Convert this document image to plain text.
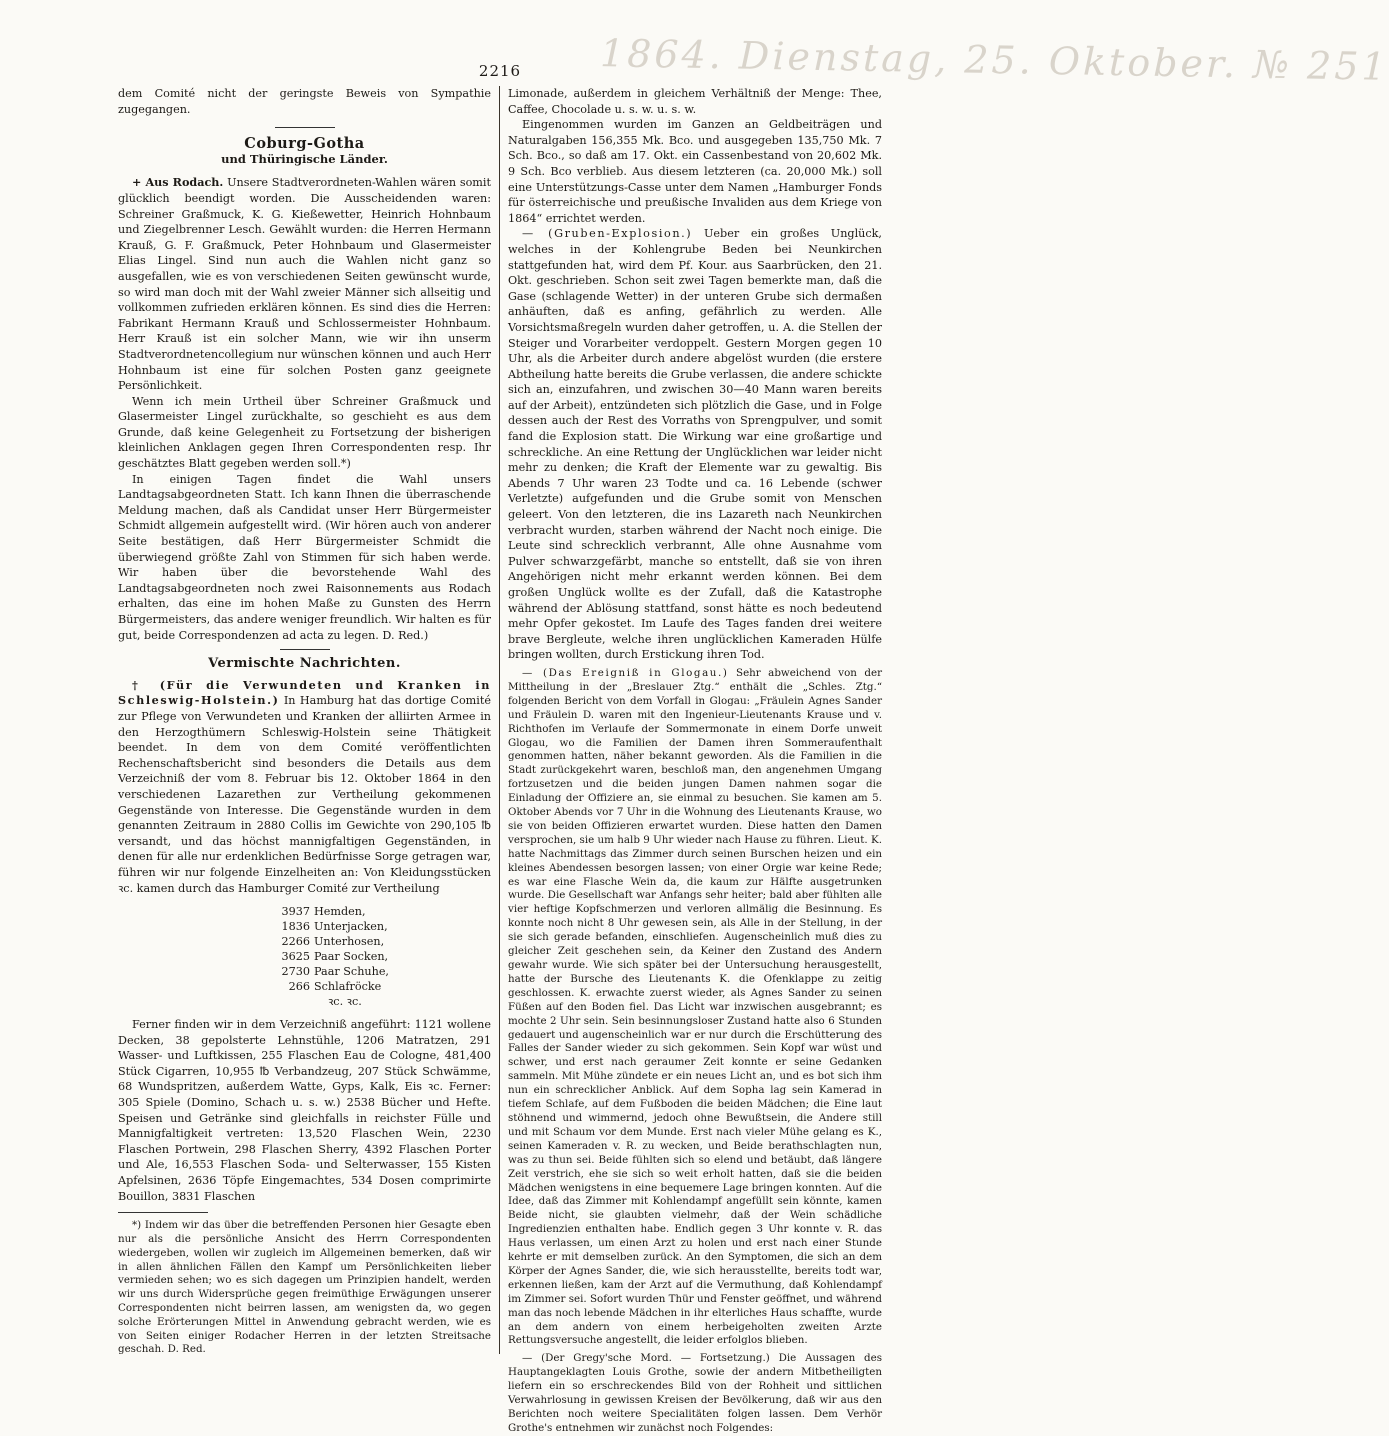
1864. Dienstag, 25. Oktober. № 251
2216

dem Comité nicht der geringste Beweis von Sympathie zugegangen.

Coburg-Gotha
und Thüringische Länder.

+ Aus Rodach. Unsere Stadtverordneten-Wahlen wären somit glücklich beendigt worden. Die Ausscheidenden waren: Schreiner Graßmuck, K. G. Kießewetter, Heinrich Hohnbaum und Ziegelbrenner Lesch. Gewählt wurden: die Herren Hermann Krauß, G. F. Graßmuck, Peter Hohnbaum und Glasermeister Elias Lingel. Sind nun auch die Wahlen nicht ganz so ausgefallen, wie es von verschiedenen Seiten gewünscht wurde, so wird man doch mit der Wahl zweier Männer sich allseitig und vollkommen zufrieden erklären können. Es sind dies die Herren: Fabrikant Hermann Krauß und Schlossermeister Hohnbaum. Herr Krauß ist ein solcher Mann, wie wir ihn unserm Stadtverordnetencollegium nur wünschen können und auch Herr Hohnbaum ist eine für solchen Posten ganz geeignete Persönlichkeit.

Wenn ich mein Urtheil über Schreiner Graßmuck und Glasermeister Lingel zurückhalte, so geschieht es aus dem Grunde, daß keine Gelegenheit zu Fortsetzung der bisherigen kleinlichen Anklagen gegen Ihren Correspondenten resp. Ihr geschätztes Blatt gegeben werden soll.*)

In einigen Tagen findet die Wahl unsers Landtagsabgeordneten Statt. Ich kann Ihnen die überraschende Meldung machen, daß als Candidat unser Herr Bürgermeister Schmidt allgemein aufgestellt wird. (Wir hören auch von anderer Seite bestätigen, daß Herr Bürgermeister Schmidt die überwiegend größte Zahl von Stimmen für sich haben werde. Wir haben über die bevorstehende Wahl des Landtagsabgeordneten noch zwei Raisonnements aus Rodach erhalten, das eine im hohen Maße zu Gunsten des Herrn Bürgermeisters, das andere weniger freundlich. Wir halten es für gut, beide Correspondenzen ad acta zu legen. D. Red.)

Vermischte Nachrichten.

† (Für die Verwundeten und Kranken in Schleswig-Holstein.) In Hamburg hat das dortige Comité zur Pflege von Verwundeten und Kranken der alliirten Armee in den Herzogthümern Schleswig-Holstein seine Thätigkeit beendet. In dem von dem Comité veröffentlichten Rechenschaftsbericht sind besonders die Details aus dem Verzeichniß der vom 8. Februar bis 12. Oktober 1864 in den verschiedenen Lazarethen zur Vertheilung gekommenen Gegenstände von Interesse. Die Gegenstände wurden in dem genannten Zeitraum in 2880 Collis im Gewichte von 290,105 ℔ versandt, und das höchst mannigfaltigen Gegenständen, in denen für alle nur erdenklichen Bedürfnisse Sorge getragen war, führen wir nur folgende Einzelheiten an: Von Kleidungsstücken ꝛc. kamen durch das Hamburger Comité zur Vertheilung

3937 Hemden,
1836 Unterjacken,
2266 Unterhosen,
3625 Paar Socken,
2730 Paar Schuhe,
266 Schlafröcke
ꝛc. ꝛc.

Ferner finden wir in dem Verzeichniß angeführt: 1121 wollene Decken, 38 gepolsterte Lehnstühle, 1206 Matratzen, 291 Wasser- und Luftkissen, 255 Flaschen Eau de Cologne, 481,400 Stück Cigarren, 10,955 ℔ Verbandzeug, 207 Stück Schwämme, 68 Wundspritzen, außerdem Watte, Gyps, Kalk, Eis ꝛc. Ferner: 305 Spiele (Domino, Schach u. s. w.) 2538 Bücher und Hefte. Speisen und Getränke sind gleichfalls in reichster Fülle und Mannigfaltigkeit vertreten: 13,520 Flaschen Wein, 2230 Flaschen Portwein, 298 Flaschen Sherry, 4392 Flaschen Porter und Ale, 16,553 Flaschen Soda- und Selterwasser, 155 Kisten Apfelsinen, 2636 Töpfe Eingemachtes, 534 Dosen comprimirte Bouillon, 3831 Flaschen

*) Indem wir das über die betreffenden Personen hier Gesagte eben nur als die persönliche Ansicht des Herrn Correspondenten wiedergeben, wollen wir zugleich im Allgemeinen bemerken, daß wir in allen ähnlichen Fällen den Kampf um Persönlichkeiten lieber vermieden sehen; wo es sich dagegen um Prinzipien handelt, werden wir uns durch Widersprüche gegen freimüthige Erwägungen unserer Correspondenten nicht beirren lassen, am wenigsten da, wo gegen solche Erörterungen Mittel in Anwendung gebracht werden, wie es von Seiten einiger Rodacher Herren in der letzten Streitsache geschah. D. Red.

Limonade, außerdem in gleichem Verhältniß der Menge: Thee, Caffee, Chocolade u. s. w. u. s. w.

Eingenommen wurden im Ganzen an Geldbeiträgen und Naturalgaben 156,355 Mk. Bco. und ausgegeben 135,750 Mk. 7 Sch. Bco., so daß am 17. Okt. ein Cassenbestand von 20,602 Mk. 9 Sch. Bco verblieb. Aus diesem letzteren (ca. 20,000 Mk.) soll eine Unterstützungs-Casse unter dem Namen „Hamburger Fonds für österreichische und preußische Invaliden aus dem Kriege von 1864“ errichtet werden.

— (Gruben-Explosion.) Ueber ein großes Unglück, welches in der Kohlengrube Beden bei Neunkirchen stattgefunden hat, wird dem Pf. Kour. aus Saarbrücken, den 21. Okt. geschrieben. Schon seit zwei Tagen bemerkte man, daß die Gase (schlagende Wetter) in der unteren Grube sich dermaßen anhäuften, daß es anfing, gefährlich zu werden. Alle Vorsichtsmaßregeln wurden daher getroffen, u. A. die Stellen der Steiger und Vorarbeiter verdoppelt. Gestern Morgen gegen 10 Uhr, als die Arbeiter durch andere abgelöst wurden (die erstere Abtheilung hatte bereits die Grube verlassen, die andere schickte sich an, einzufahren, und zwischen 30—40 Mann waren bereits auf der Arbeit), entzündeten sich plötzlich die Gase, und in Folge dessen auch der Rest des Vorraths von Sprengpulver, und somit fand die Explosion statt. Die Wirkung war eine großartige und schreckliche. An eine Rettung der Unglücklichen war leider nicht mehr zu denken; die Kraft der Elemente war zu gewaltig. Bis Abends 7 Uhr waren 23 Todte und ca. 16 Lebende (schwer Verletzte) aufgefunden und die Grube somit von Menschen geleert. Von den letzteren, die ins Lazareth nach Neunkirchen verbracht wurden, starben während der Nacht noch einige. Die Leute sind schrecklich verbrannt, Alle ohne Ausnahme vom Pulver schwarzgefärbt, manche so entstellt, daß sie von ihren Angehörigen nicht mehr erkannt werden können. Bei dem großen Unglück wollte es der Zufall, daß die Katastrophe während der Ablösung stattfand, sonst hätte es noch bedeutend mehr Opfer gekostet. Im Laufe des Tages fanden drei weitere brave Bergleute, welche ihren unglücklichen Kameraden Hülfe bringen wollten, durch Erstickung ihren Tod.

— (Das Ereigniß in Glogau.) Sehr abweichend von der Mittheilung in der „Breslauer Ztg.“ enthält die „Schles. Ztg.“ folgenden Bericht von dem Vorfall in Glogau: „Fräulein Agnes Sander und Fräulein D. waren mit den Ingenieur-Lieutenants Krause und v. Richthofen im Verlaufe der Sommermonate in einem Dorfe unweit Glogau, wo die Familien der Damen ihren Sommeraufenthalt genommen hatten, näher bekannt geworden. Als die Familien in die Stadt zurückgekehrt waren, beschloß man, den angenehmen Umgang fortzusetzen und die beiden jungen Damen nahmen sogar die Einladung der Offiziere an, sie einmal zu besuchen. Sie kamen am 5. Oktober Abends vor 7 Uhr in die Wohnung des Lieutenants Krause, wo sie von beiden Offizieren erwartet wurden. Diese hatten den Damen versprochen, sie um halb 9 Uhr wieder nach Hause zu führen. Lieut. K. hatte Nachmittags das Zimmer durch seinen Burschen heizen und ein kleines Abendessen besorgen lassen; von einer Orgie war keine Rede; es war eine Flasche Wein da, die kaum zur Hälfte ausgetrunken wurde. Die Gesellschaft war Anfangs sehr heiter; bald aber fühlten alle vier heftige Kopfschmerzen und verloren allmälig die Besinnung. Es konnte noch nicht 8 Uhr gewesen sein, als Alle in der Stellung, in der sie sich gerade befanden, einschliefen. Augenscheinlich muß dies zu gleicher Zeit geschehen sein, da Keiner den Zustand des Andern gewahr wurde. Wie sich später bei der Untersuchung herausgestellt, hatte der Bursche des Lieutenants K. die Ofenklappe zu zeitig geschlossen. K. erwachte zuerst wieder, als Agnes Sander zu seinen Füßen auf den Boden fiel. Das Licht war inzwischen ausgebrannt; es mochte 2 Uhr sein. Sein besinnungsloser Zustand hatte also 6 Stunden gedauert und augenscheinlich war er nur durch die Erschütterung des Falles der Sander wieder zu sich gekommen. Sein Kopf war wüst und schwer, und erst nach geraumer Zeit konnte er seine Gedanken sammeln. Mit Mühe zündete er ein neues Licht an, und es bot sich ihm nun ein schrecklicher Anblick. Auf dem Sopha lag sein Kamerad in tiefem Schlafe, auf dem Fußboden die beiden Mädchen; die Eine laut stöhnend und wimmernd, jedoch ohne Bewußtsein, die Andere still und mit Schaum vor dem Munde. Erst nach vieler Mühe gelang es K., seinen Kameraden v. R. zu wecken, und Beide berathschlagten nun, was zu thun sei. Beide fühlten sich so elend und betäubt, daß längere Zeit verstrich, ehe sie sich so weit erholt hatten, daß sie die beiden Mädchen wenigstens in eine bequemere Lage bringen konnten. Auf die Idee, daß das Zimmer mit Kohlendampf angefüllt sein könnte, kamen Beide nicht, sie glaubten vielmehr, daß der Wein schädliche Ingredienzien enthalten habe. Endlich gegen 3 Uhr konnte v. R. das Haus verlassen, um einen Arzt zu holen und erst nach einer Stunde kehrte er mit demselben zurück. An den Symptomen, die sich an dem Körper der Agnes Sander, die, wie sich herausstellte, bereits todt war, erkennen ließen, kam der Arzt auf die Vermuthung, daß Kohlendampf im Zimmer sei. Sofort wurden Thür und Fenster geöffnet, und während man das noch lebende Mädchen in ihr elterliches Haus schaffte, wurde an dem andern von einem herbeigeholten zweiten Arzte Rettungsversuche angestellt, die leider erfolglos blieben.

— (Der Gregy'sche Mord. — Fortsetzung.) Die Aussagen des Hauptangeklagten Louis Grothe, sowie der andern Mitbetheiligten liefern ein so erschreckendes Bild von der Rohheit und sittlichen Verwahrlosung in gewissen Kreisen der Bevölkerung, daß wir aus den Berichten noch weitere Specialitäten folgen lassen. Dem Verhör Grothe's entnehmen wir zunächst noch Folgendes:
